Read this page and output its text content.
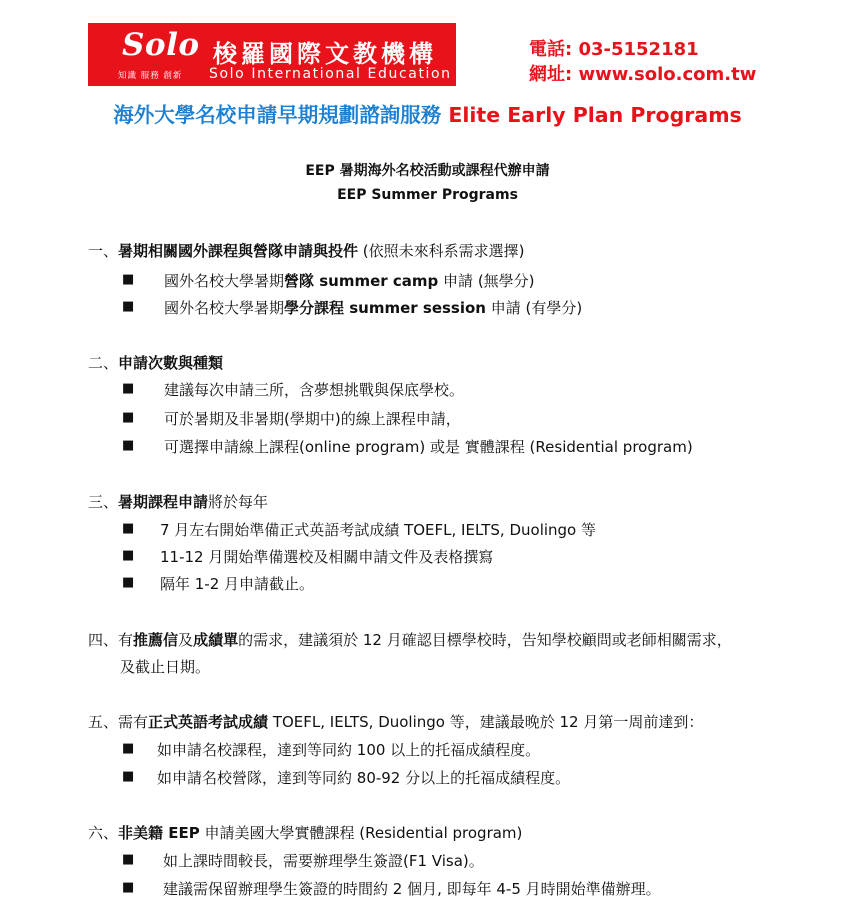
Solo 梭羅國際文教機構
知識 服務 創新 Solo International Education
電話: 03-5152181
網址: www.solo.com.tw
海外大學名校申請早期規劃諮詢服務 Elite Early Plan Programs
EEP 暑期海外名校活動或課程代辦申請
EEP Summer Programs
一、暑期相關國外課程與營隊申請與投件 (依照未來科系需求選擇)
■ 國外名校大學暑期營隊 summer camp 申請 (無學分)
■ 國外名校大學暑期學分課程 summer session 申請 (有學分)
二、申請次數與種類
■ 建議每次申請三所，含夢想挑戰與保底學校。
■ 可於暑期及非暑期(學期中)的線上課程申請，
■ 可選擇申請線上課程(online program) 或是 實體課程 (Residential program)
三、暑期課程申請將於每年
■ 7 月左右開始準備正式英語考試成績 TOEFL, IELTS, Duolingo 等
■ 11-12 月開始準備選校及相關申請文件及表格撰寫
■ 隔年 1-2 月申請截止。
四、有推薦信及成績單的需求，建議須於 12 月確認目標學校時，告知學校顧問或老師相關需求，
及截止日期。
五、需有正式英語考試成績 TOEFL, IELTS, Duolingo 等，建議最晚於 12 月第一周前達到：
■ 如申請名校課程，達到等同約 100 以上的托福成績程度。
■ 如申請名校營隊，達到等同約 80-92 分以上的托福成績程度。
六、非美籍 EEP 申請美國大學實體課程 (Residential program)
■ 如上課時間較長，需要辦理學生簽證(F1 Visa)。
■ 建議需保留辦理學生簽證的時間約 2 個月, 即每年 4-5 月時開始準備辦理。
